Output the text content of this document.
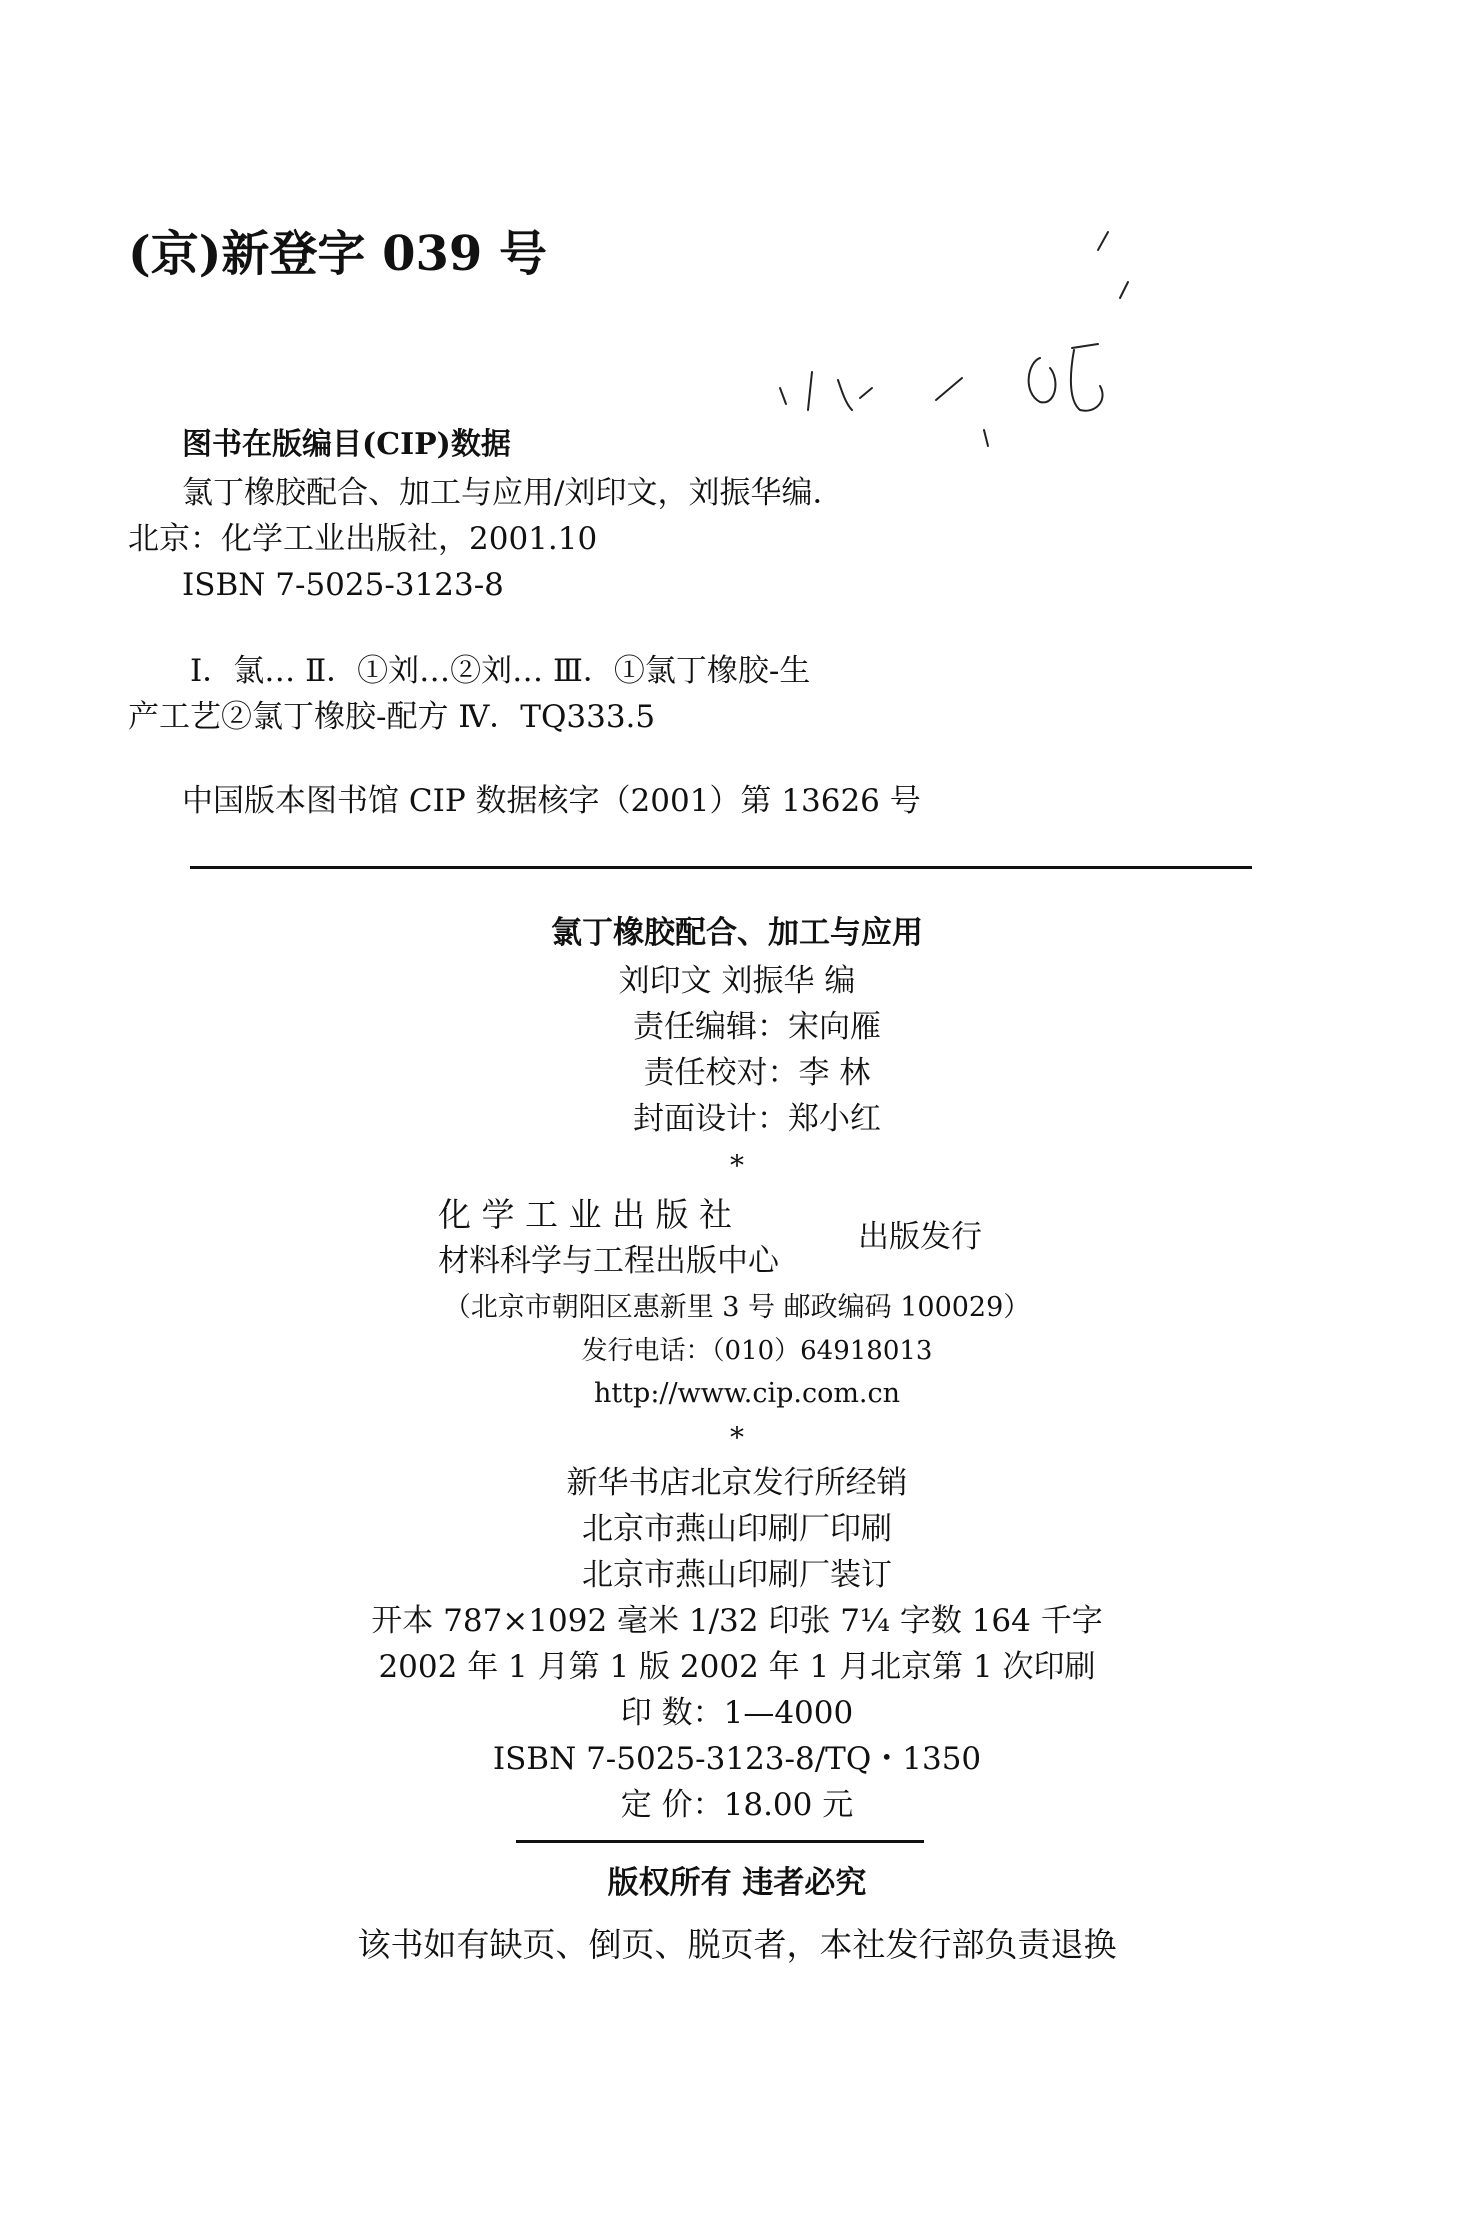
(京)新登字 039 号
05
图书在版编目(CIP)数据
氯丁橡胶配合、加工与应用/刘印文，刘振华编．
北京：化学工业出版社，2001.10
ISBN 7-5025-3123-8
Ⅰ．氯… Ⅱ．①刘…②刘… Ⅲ．①氯丁橡胶-生
产工艺②氯丁橡胶-配方 Ⅳ．TQ333.5
中国版本图书馆 CIP 数据核字（2001）第 13626 号
氯丁橡胶配合、加工与应用
刘印文 刘振华 编
责任编辑：宋向雁
责任校对：李 林
封面设计：郑小红
*
化 学 工 业 出 版 社
材料科学与工程出版中心
出版发行
（北京市朝阳区惠新里 3 号 邮政编码 100029）
发行电话：（010）64918013
http://www.cip.com.cn
*
新华书店北京发行所经销
北京市燕山印刷厂印刷
北京市燕山印刷厂装订
开本 787×1092 毫米 1/32 印张 7¼ 字数 164 千字
2002 年 1 月第 1 版 2002 年 1 月北京第 1 次印刷
印 数：1—4000
ISBN 7-5025-3123-8/TQ・1350
定 价：18.00 元
版权所有 违者必究
该书如有缺页、倒页、脱页者，本社发行部负责退换
